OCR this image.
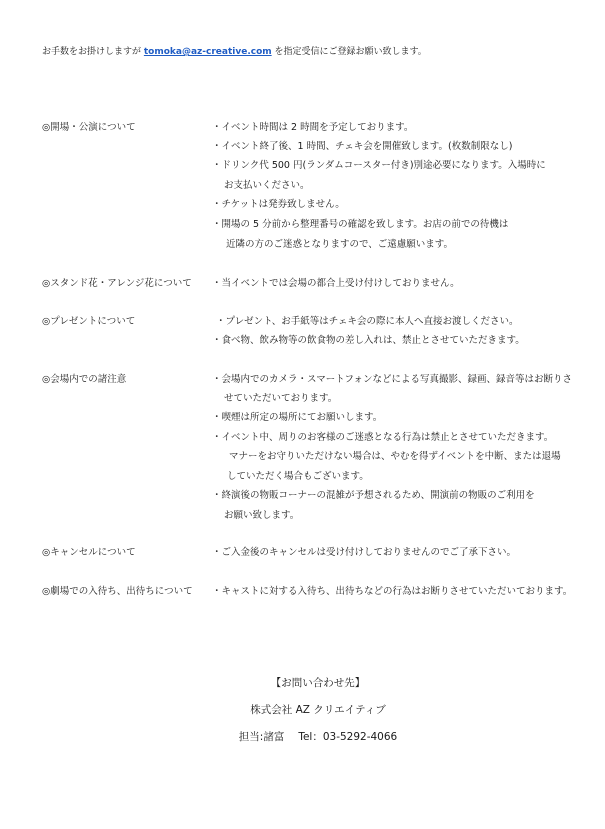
お手数をお掛けしますが tomoka@az-creative.com を指定受信にご登録お願い致します。
◎開場・公演について	・イベント時間は 2 時間を予定しております。
・イベント終了後、1 時間、チェキ会を開催致します。(枚数制限なし)
・ドリンク代 500 円(ランダムコースター付き)別途必要になります。入場時に
お支払いください。
・チケットは発券致しません。
・開場の 5 分前から整理番号の確認を致します。お店の前での待機は
近隣の方のご迷惑となりますので、ご遠慮願います。
◎スタンド花・アレンジ花について ・当イベントでは会場の都合上受け付けしておりません。
◎プレゼントについて	・プレゼント、お手紙等はチェキ会の際に本人へ直接お渡しください。
・食べ物、飲み物等の飲食物の差し入れは、禁止とさせていただきます。
◎会場内での諸注意	・会場内でのカメラ・スマートフォンなどによる写真撮影、録画、録音等はお断りさ
せていただいております。
・喫煙は所定の場所にてお願いします。
・イベント中、周りのお客様のご迷惑となる行為は禁止とさせていただきます。
マナーをお守りいただけない場合は、やむを得ずイベントを中断、または退場
していただく場合もございます。
・終演後の物販コーナーの混雑が予想されるため、開演前の物販のご利用を
お願い致します。
◎キャンセルについて	・ご入金後のキャンセルは受け付けしておりませんのでご了承下さい。
◎劇場での入待ち、出待ちについて ・キャストに対する入待ち、出待ちなどの行為はお断りさせていただいております。
【お問い合わせ先】
株式会社 AZ クリエイティブ
担当:諸富 Tel：03-5292-4066
